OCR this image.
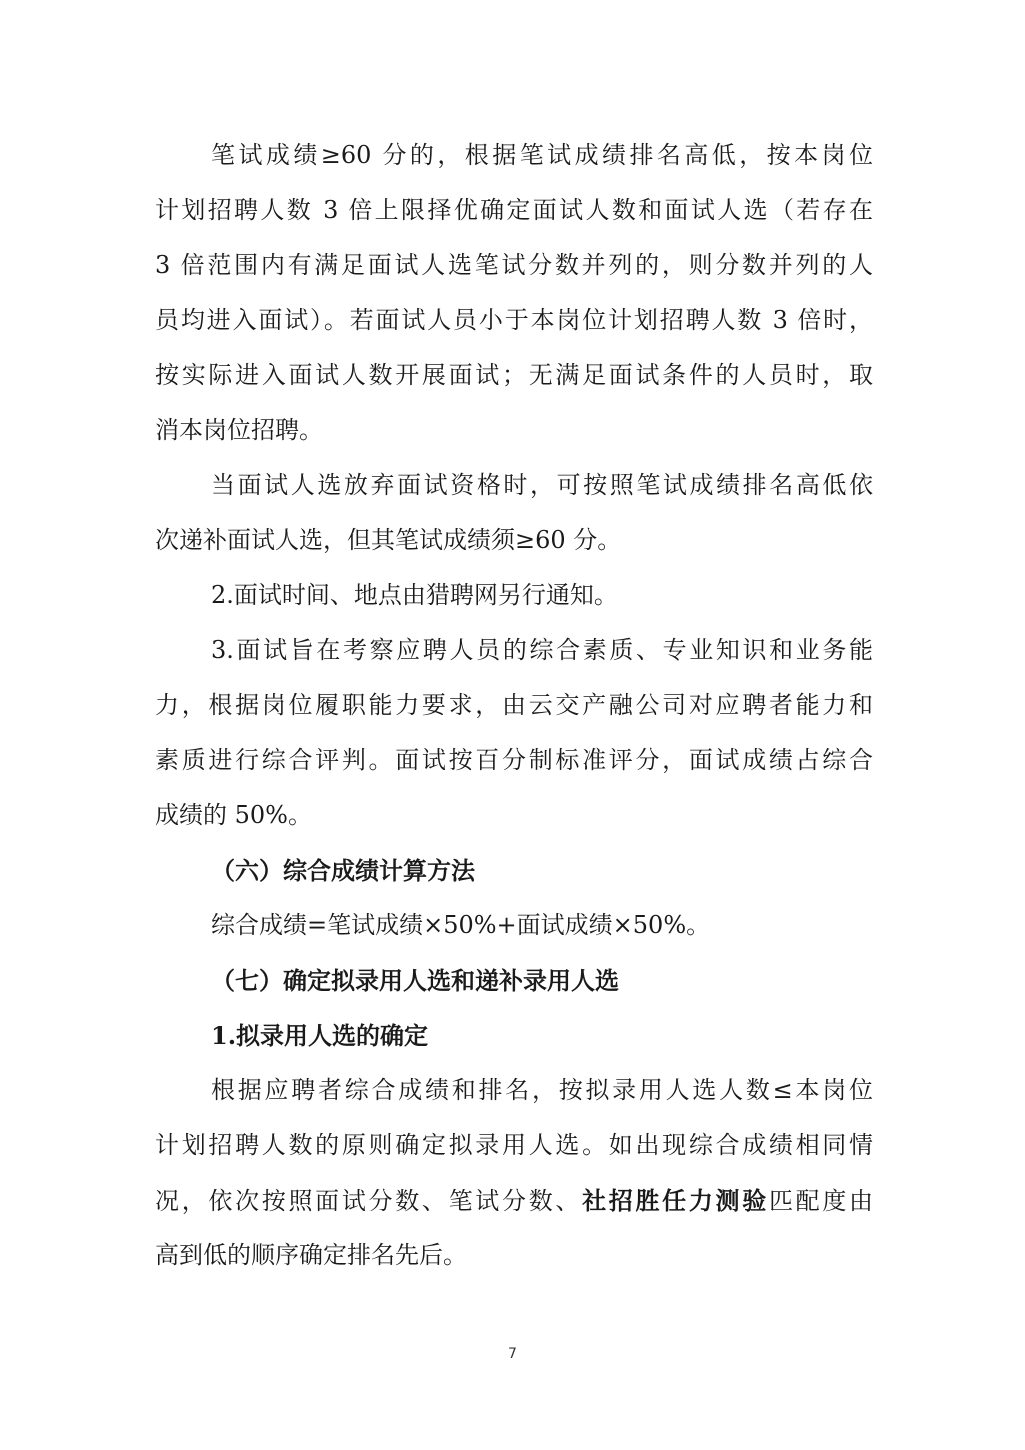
笔试成绩≥60 分的，根据笔试成绩排名高低，按本岗位
计划招聘人数 3 倍上限择优确定面试人数和面试人选（若存在
3 倍范围内有满足面试人选笔试分数并列的，则分数并列的人
员均进入面试）。若面试人员小于本岗位计划招聘人数 3 倍时，
按实际进入面试人数开展面试；无满足面试条件的人员时，取
消本岗位招聘。
当面试人选放弃面试资格时，可按照笔试成绩排名高低依
次递补面试人选，但其笔试成绩须≥60 分。
2.面试时间、地点由猎聘网另行通知。
3.面试旨在考察应聘人员的综合素质、专业知识和业务能
力，根据岗位履职能力要求，由云交产融公司对应聘者能力和
素质进行综合评判。面试按百分制标准评分，面试成绩占综合
成绩的 50%。
（六）综合成绩计算方法
综合成绩=笔试成绩×50%+面试成绩×50%。
（七）确定拟录用人选和递补录用人选
1.拟录用人选的确定
根据应聘者综合成绩和排名，按拟录用人选人数≤本岗位
计划招聘人数的原则确定拟录用人选。如出现综合成绩相同情
况，依次按照面试分数、笔试分数、社招胜任力测验匹配度由
高到低的顺序确定排名先后。
7
